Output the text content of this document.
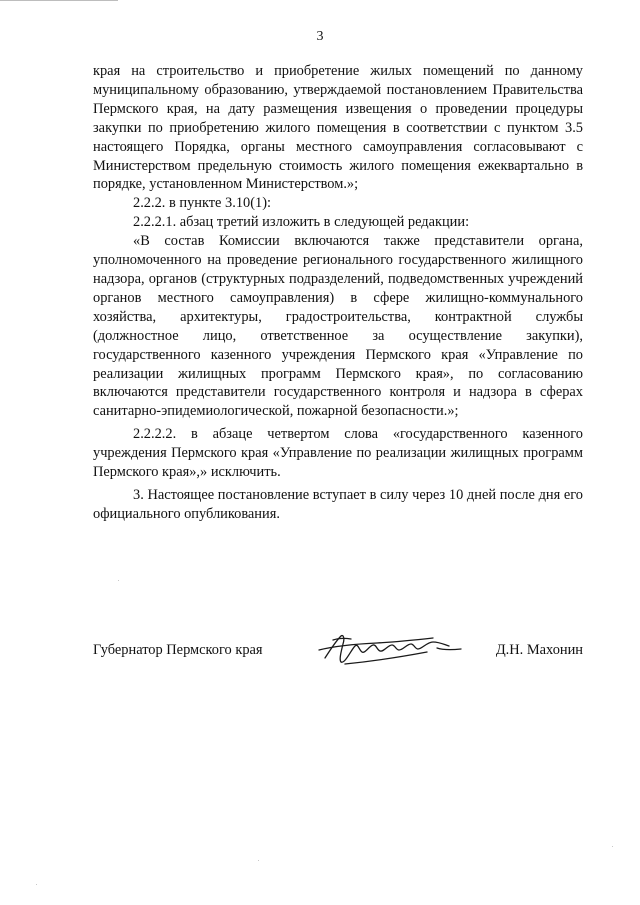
3

края на строительство и приобретение жилых помещений по данному муниципальному образованию, утверждаемой постановлением Правительства Пермского края, на дату размещения извещения о проведении процедуры закупки по приобретению жилого помещения в соответствии с пунктом 3.5 настоящего Порядка, органы местного самоуправления согласовывают с Министерством предельную стоимость жилого помещения ежеквартально в порядке, установленном Министерством.»;

2.2.2. в пункте 3.10(1):

2.2.2.1. абзац третий изложить в следующей редакции:

«В состав Комиссии включаются также представители органа, уполномоченного на проведение регионального государственного жилищного надзора, органов (структурных подразделений, подведомственных учреждений органов местного самоуправления) в сфере жилищно-коммунального хозяйства, архитектуры, градостроительства, контрактной службы (должностное лицо, ответственное за осуществление закупки), государственного казенного учреждения Пермского края «Управление по реализации жилищных программ Пермского края», по согласованию включаются представители государственного контроля и надзора в сферах санитарно-эпидемиологической, пожарной безопасности.»;

2.2.2.2. в абзаце четвертом слова «государственного казенного учреждения Пермского края «Управление по реализации жилищных программ Пермского края»,» исключить.

3. Настоящее постановление вступает в силу через 10 дней после дня его официального опубликования.

Губернатор Пермского края	Д.Н. Махонин
